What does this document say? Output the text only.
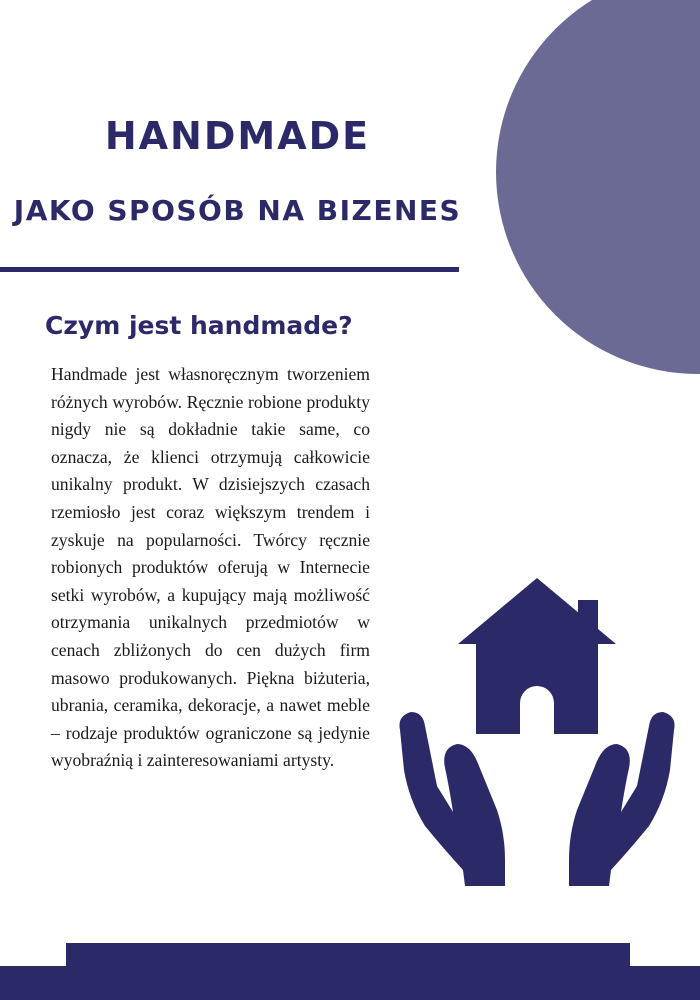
HANDMADE
JAKO SPOSÓB NA BIZENES
Czym jest handmade?

Handmade jest własnoręcznym tworzeniem różnych wyrobów. Ręcznie robione produkty nigdy nie są dokładnie takie same, co oznacza, że klienci otrzymują całkowicie unikalny produkt. W dzisiejszych czasach rzemiosło jest coraz większym trendem i zyskuje na popularności. Twórcy ręcznie robionych produktów oferują w Internecie setki wyrobów, a kupujący mają możliwość otrzymania unikalnych przedmiotów w cenach zbliżonych do cen dużych firm masowo produkowanych. Piękna biżuteria, ubrania, ceramika, dekoracje, a nawet meble – rodzaje produktów ograniczone są jedynie wyobraźnią i zainteresowaniami artysty.
